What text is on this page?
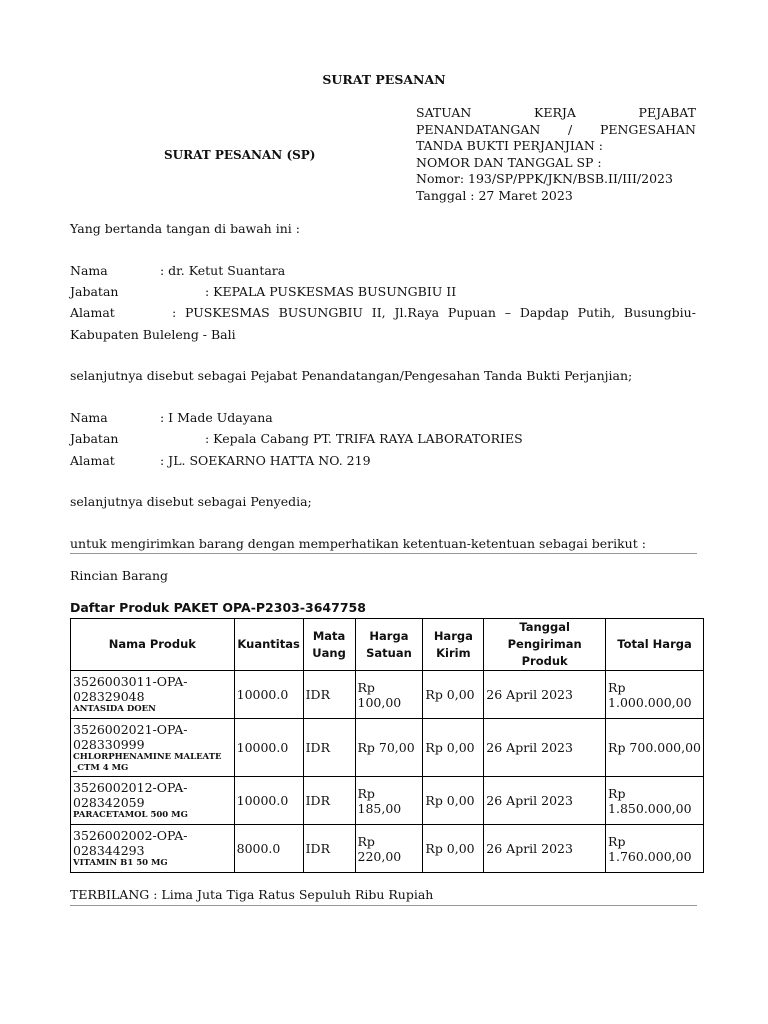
SURAT PESANAN
SURAT PESANAN (SP)
SATUAN	KERJA	PEJABAT
PENANDATANGAN / PENGESAHAN
TANDA BUKTI PERJANJIAN :
NOMOR DAN TANGGAL SP :
Nomor: 193/SP/PPK/JKN/BSB.II/III/2023
Tanggal : 27 Maret 2023
Yang bertanda tangan di bawah ini :
Nama	: dr. Ketut Suantara
Jabatan	: KEPALA PUSKESMAS BUSUNGBIU II
Alamat	: PUSKESMAS BUSUNGBIU II, Jl.Raya Pupuan – Dapdap Putih, Busungbiu-
Kabupaten Buleleng - Bali
selanjutnya disebut sebagai Pejabat Penandatangan/Pengesahan Tanda Bukti Perjanjian;
Nama	: I Made Udayana
Jabatan	: Kepala Cabang PT. TRIFA RAYA LABORATORIES
Alamat	: JL. SOEKARNO HATTA NO. 219
selanjutnya disebut sebagai Penyedia;
untuk mengirimkan barang dengan memperhatikan ketentuan-ketentuan sebagai berikut :
Rincian Barang
Daftar Produk PAKET OPA-P2303-3647758
Nama Produk	Kuantitas	Mata Uang	Harga Satuan	Harga Kirim	Tanggal Pengiriman Produk	Total Harga

3526003011-OPA-028329048
ANTASIDA DOEN	10000.0	IDR	Rp 100,00	Rp 0,00	26 April 2023	Rp 1.000.000,00

3526002021-OPA-028330999
CHLORPHENAMINE MALEATE _CTM 4 MG	10000.0	IDR	Rp 70,00	Rp 0,00	26 April 2023	Rp 700.000,00

3526002012-OPA-028342059
PARACETAMOL 500 MG	10000.0	IDR	Rp 185,00	Rp 0,00	26 April 2023	Rp 1.850.000,00

3526002002-OPA-028344293
VITAMIN B1 50 MG	8000.0	IDR	Rp 220,00	Rp 0,00	26 April 2023	Rp 1.760.000,00
TERBILANG : Lima Juta Tiga Ratus Sepuluh Ribu Rupiah
